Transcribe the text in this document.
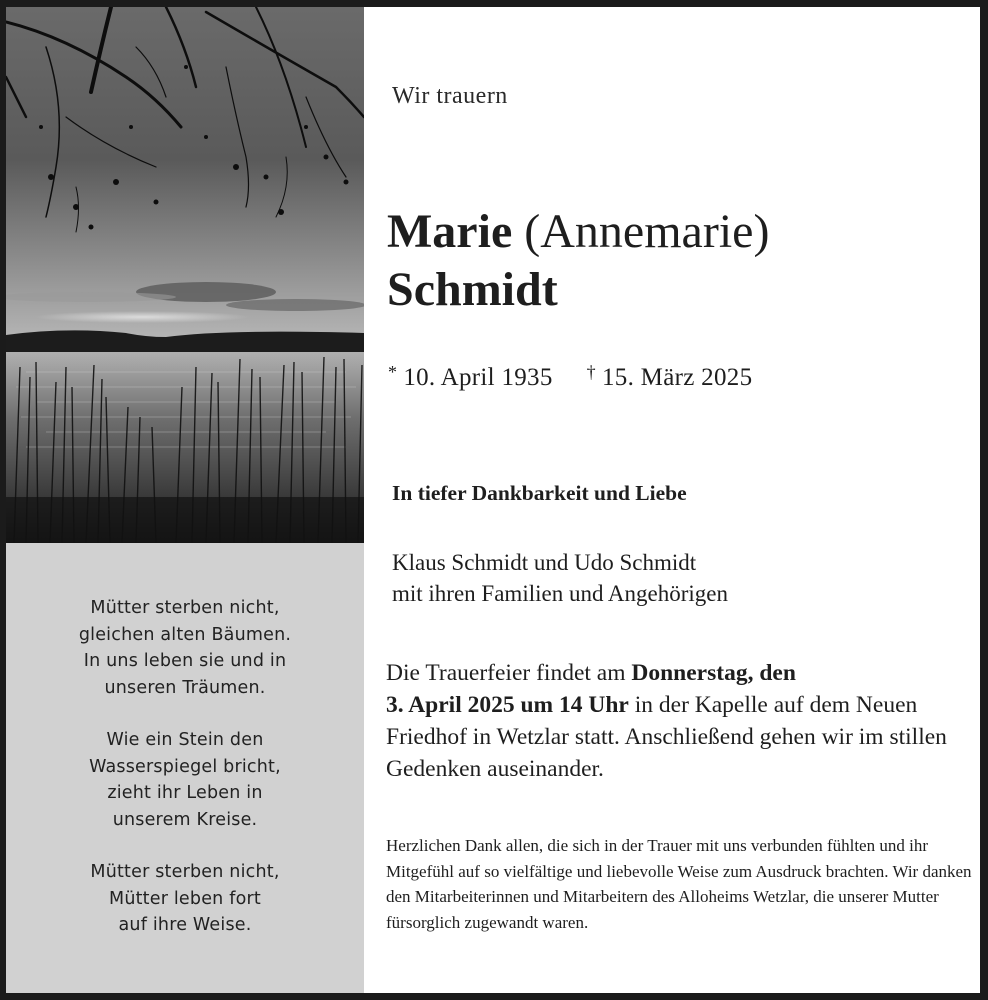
Mütter sterben nicht,
gleichen alten Bäumen.
In uns leben sie und in
unseren Träumen.
Wie ein Stein den
Wasserspiegel bricht,
zieht ihr Leben in
unserem Kreise.
Mütter sterben nicht,
Mütter leben fort
auf ihre Weise.
Wir trauern
Marie (Annemarie)
Schmidt
* 10. April 1935 † 15. März 2025
In tiefer Dankbarkeit und Liebe
Klaus Schmidt und Udo Schmidt
mit ihren Familien und Angehörigen
Die Trauerfeier findet am Donnerstag, den
3. April 2025 um 14 Uhr in der Kapelle auf dem Neuen Friedhof in Wetzlar statt. Anschließend gehen wir im stillen Gedenken auseinander.
Herzlichen Dank allen, die sich in der Trauer mit uns verbunden fühlten und ihr Mitgefühl auf so vielfältige und liebevolle Weise zum Ausdruck brachten. Wir danken den Mitarbeiterinnen und Mitarbeitern des Alloheims Wetzlar, die unserer Mutter fürsorglich zugewandt waren.
